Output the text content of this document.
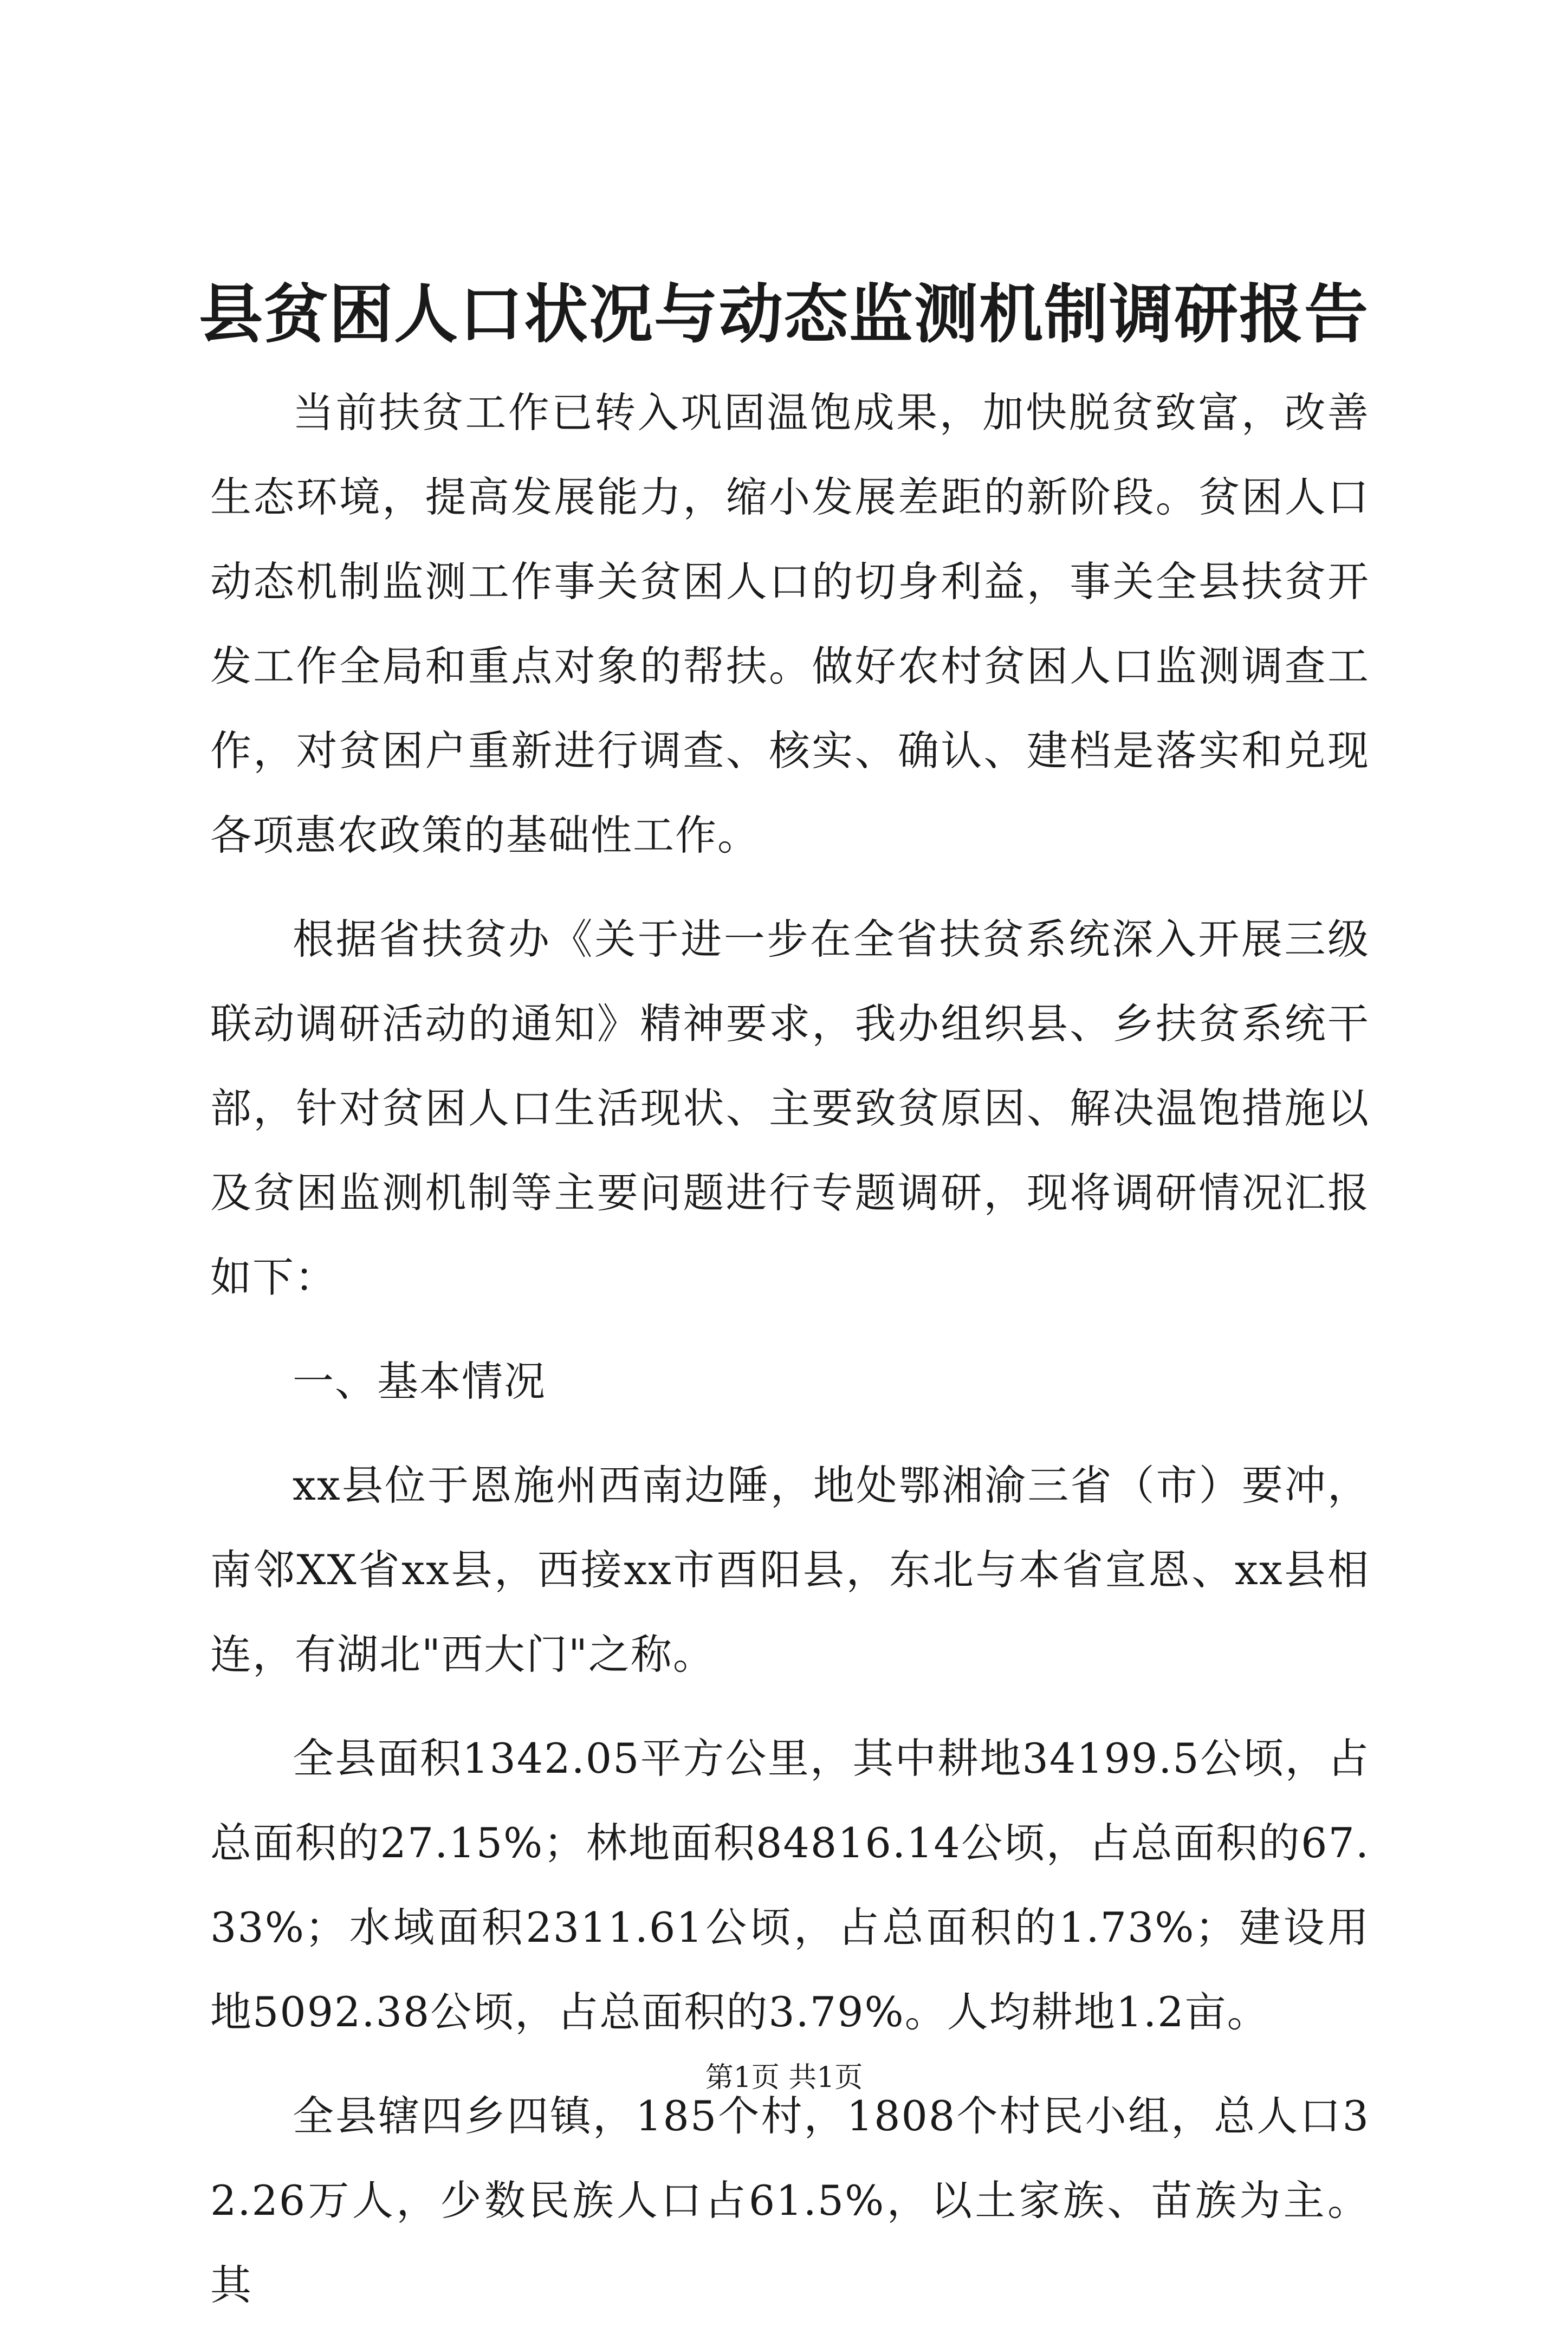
县贫困人口状况与动态监测机制调研报告

当前扶贫工作已转入巩固温饱成果，加快脱贫致富，改善生态环境，提高发展能力，缩小发展差距的新阶段。贫困人口动态机制监测工作事关贫困人口的切身利益，事关全县扶贫开发工作全局和重点对象的帮扶。做好农村贫困人口监测调查工作，对贫困户重新进行调查、核实、确认、建档是落实和兑现各项惠农政策的基础性工作。

根据省扶贫办《关于进一步在全省扶贫系统深入开展三级联动调研活动的通知》精神要求，我办组织县、乡扶贫系统干部，针对贫困人口生活现状、主要致贫原因、解决温饱措施以及贫困监测机制等主要问题进行专题调研，现将调研情况汇报如下：

一、基本情况

xx县位于恩施州西南边陲，地处鄂湘渝三省（市）要冲，南邻XX省xx县，西接xx市酉阳县，东北与本省宣恩、xx县相连，有湖北"西大门"之称。

全县面积1342.05平方公里，其中耕地34199.5公顷，占总面积的27.15%；林地面积84816.14公顷，占总面积的67.33%；水域面积2311.61公顷，占总面积的1.73%；建设用地5092.38公顷，占总面积的3.79%。人均耕地1.2亩。

全县辖四乡四镇，185个村，1808个村民小组，总人口32.26万人，少数民族人口占61.5%，以土家族、苗族为主。其

第1页 共1页
